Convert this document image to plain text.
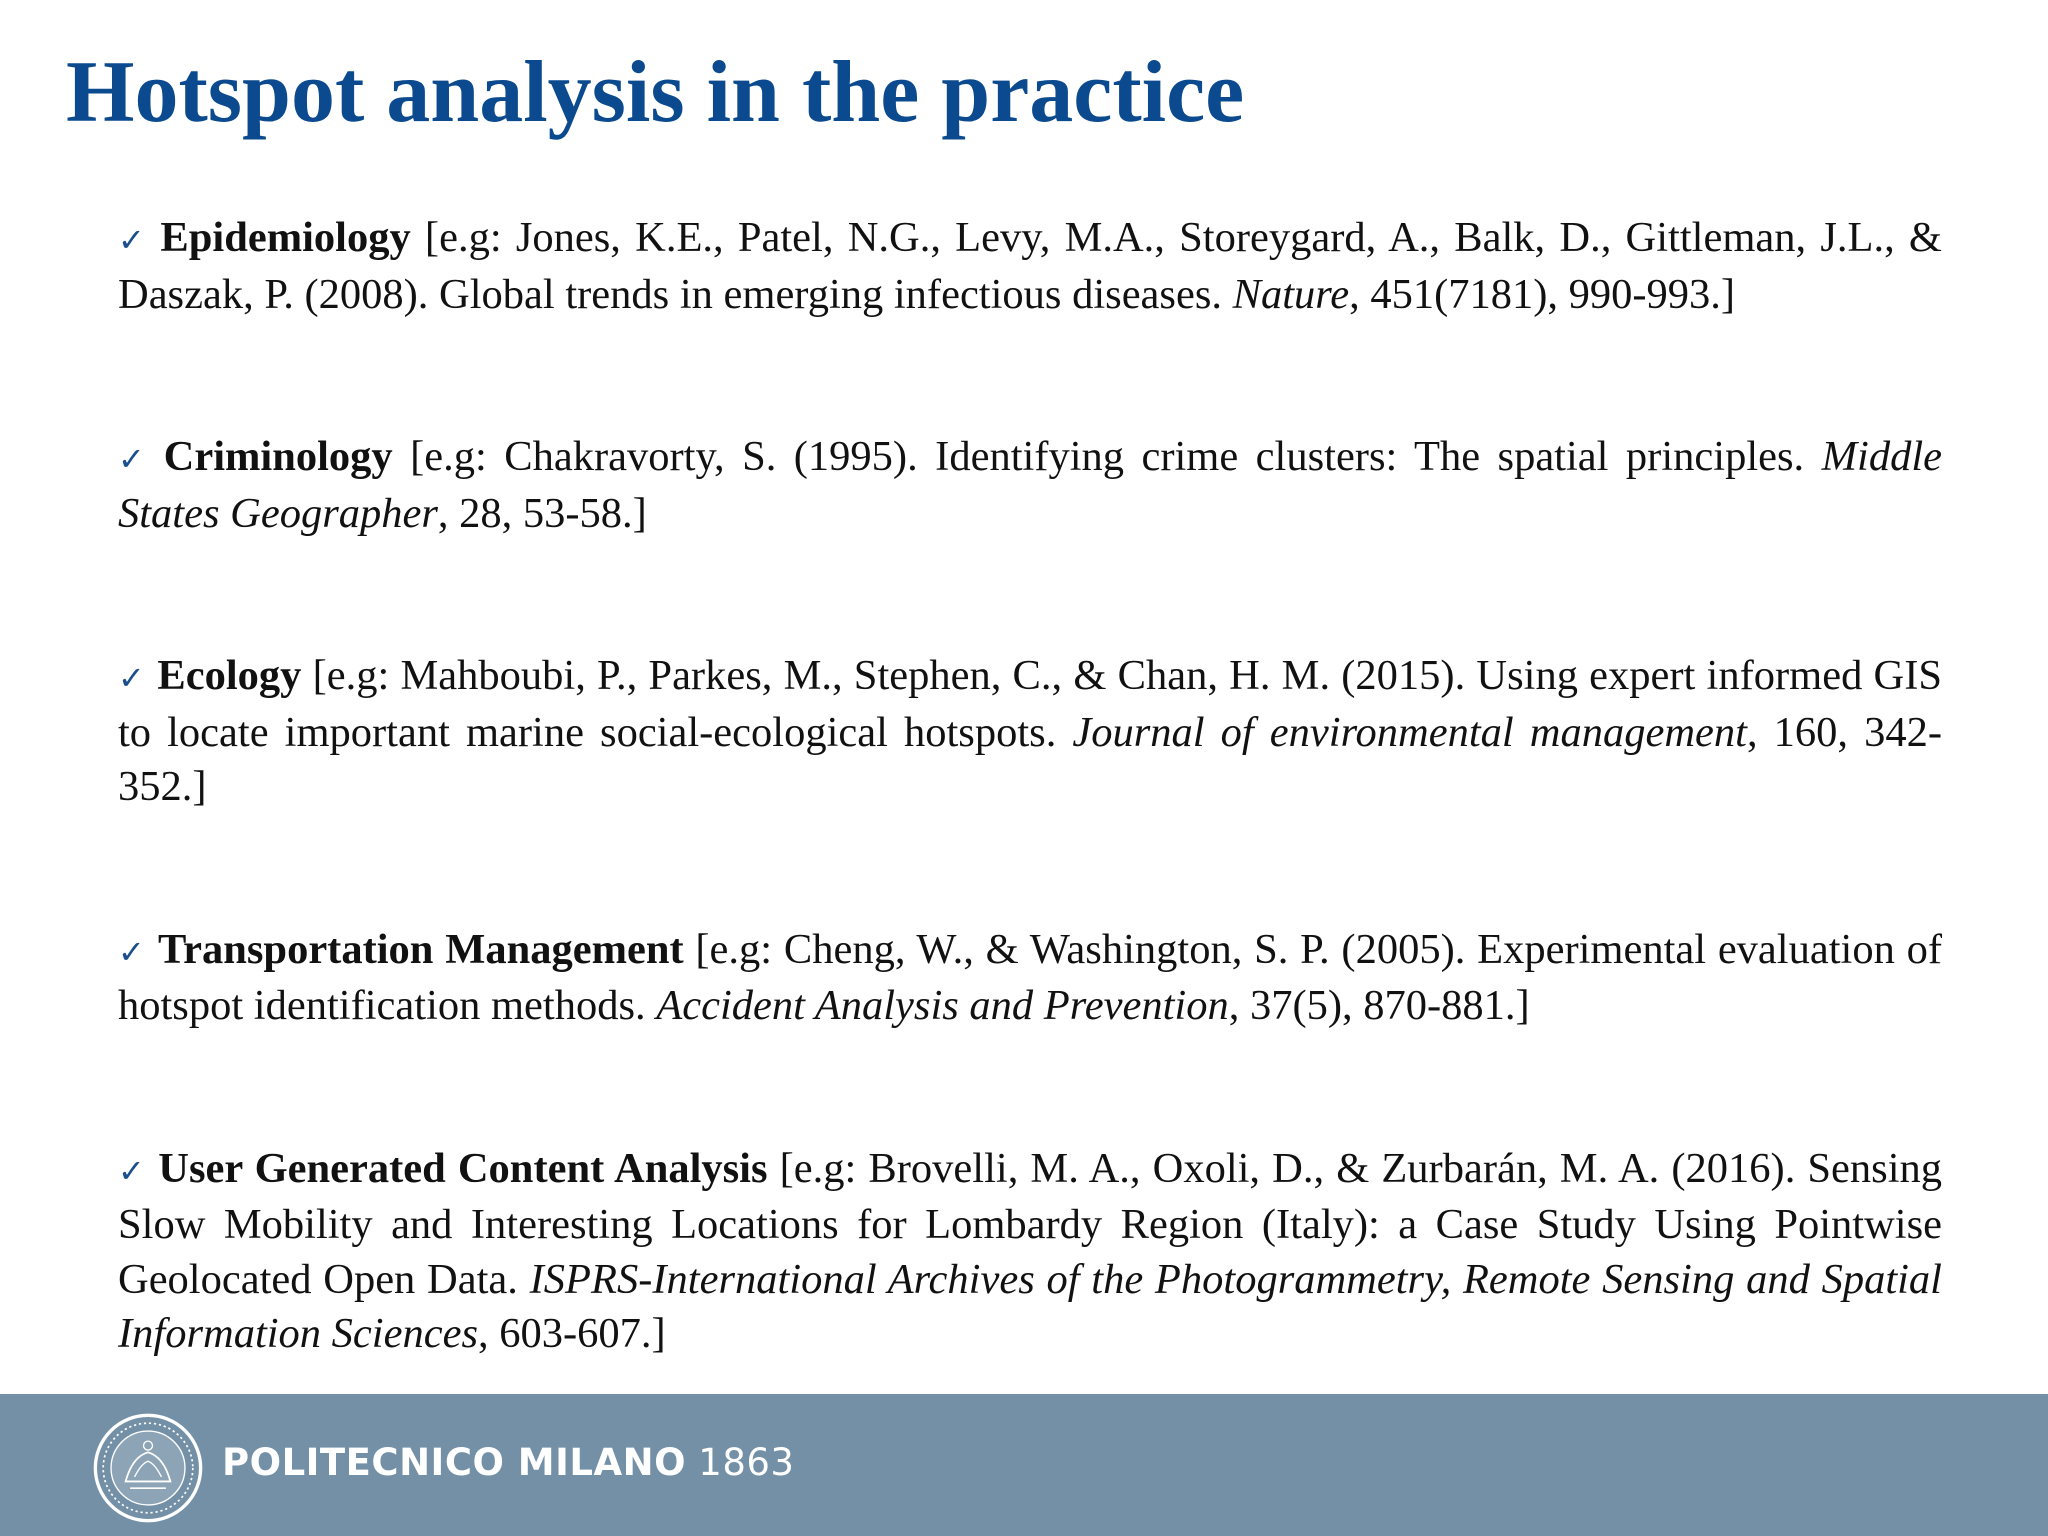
Hotspot analysis in the practice

✓ Epidemiology [e.g: Jones, K.E., Patel, N.G., Levy, M.A., Storeygard, A., Balk, D., Gittleman, J.L., & Daszak, P. (2008). Global trends in emerging infectious diseases. Nature, 451(7181), 990-993.]

✓ Criminology [e.g: Chakravorty, S. (1995). Identifying crime clusters: The spatial principles. Middle States Geographer, 28, 53-58.]

✓ Ecology [e.g: Mahboubi, P., Parkes, M., Stephen, C., & Chan, H. M. (2015). Using expert informed GIS to locate important marine social-ecological hotspots. Journal of environmental management, 160, 342-352.]

✓ Transportation Management [e.g: Cheng, W., & Washington, S. P. (2005). Experimental evaluation of hotspot identification methods. Accident Analysis and Prevention, 37(5), 870-881.]

✓ User Generated Content Analysis [e.g: Brovelli, M. A., Oxoli, D., & Zurbarán, M. A. (2016). Sensing Slow Mobility and Interesting Locations for Lombardy Region (Italy): a Case Study Using Pointwise Geolocated Open Data. ISPRS-International Archives of the Photogrammetry, Remote Sensing and Spatial Information Sciences, 603-607.]

POLITECNICO MILANO 1863
